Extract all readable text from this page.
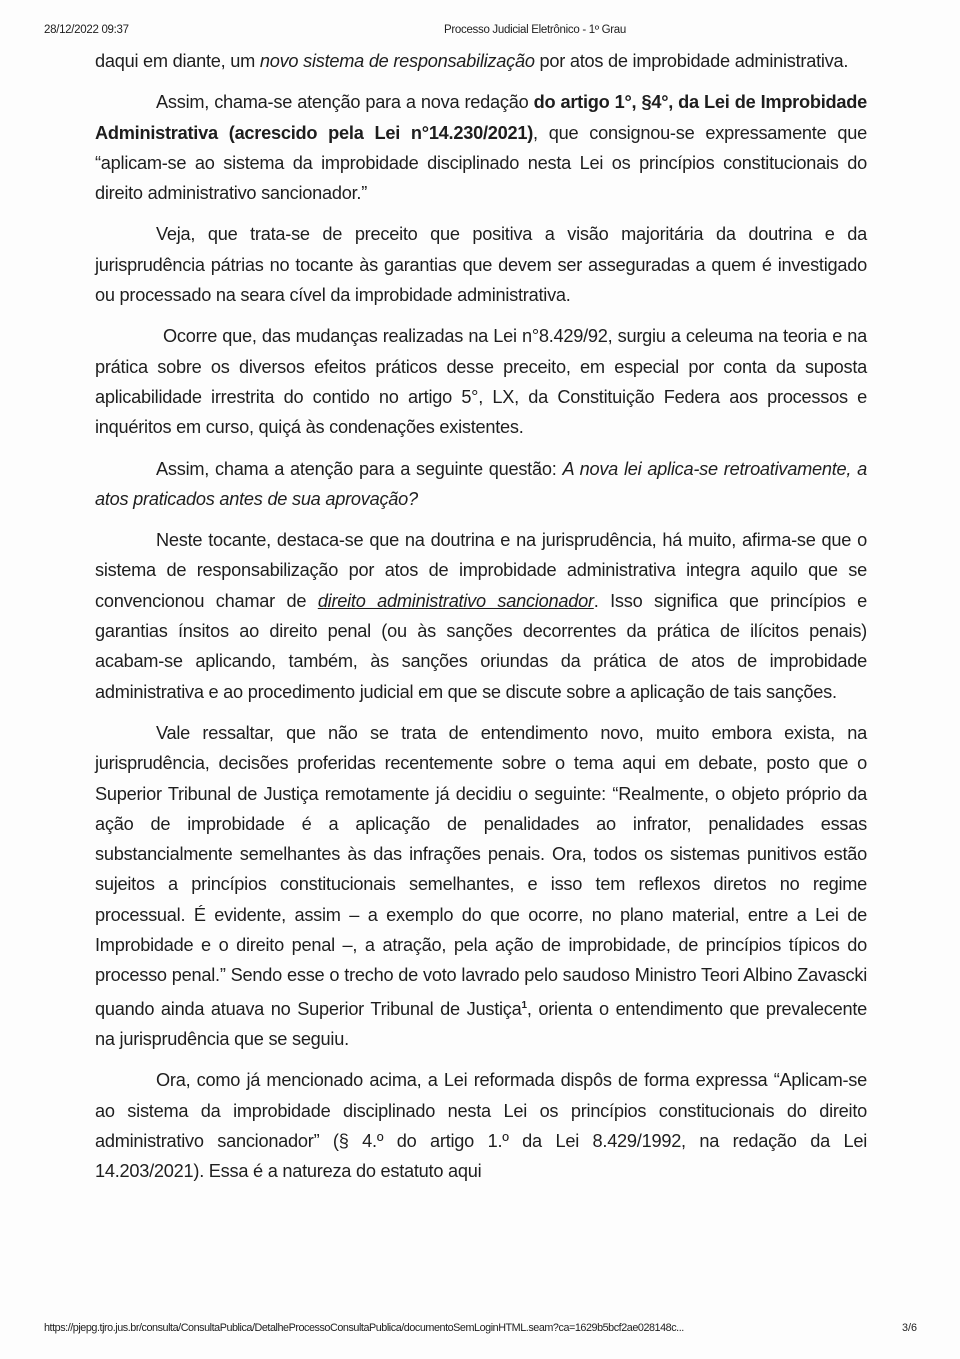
28/12/2022 09:37	Processo Judicial Eletrônico - 1º Grau

daqui em diante, um novo sistema de responsabilização por atos de improbidade administrativa.

Assim, chama-se atenção para a nova redação do artigo 1°, §4°, da Lei de Improbidade Administrativa (acrescido pela Lei n°14.230/2021), que consignou-se expressamente que “aplicam-se ao sistema da improbidade disciplinado nesta Lei os princípios constitucionais do direito administrativo sancionador.”

Veja, que trata-se de preceito que positiva a visão majoritária da doutrina e da jurisprudência pátrias no tocante às garantias que devem ser asseguradas a quem é investigado ou processado na seara cível da improbidade administrativa.

Ocorre que, das mudanças realizadas na Lei n°8.429/92, surgiu a celeuma na teoria e na prática sobre os diversos efeitos práticos desse preceito, em especial por conta da suposta aplicabilidade irrestrita do contido no artigo 5°, LX, da Constituição Federa aos processos e inquéritos em curso, quiçá às condenações existentes.

Assim, chama a atenção para a seguinte questão: A nova lei aplica-se retroativamente, a atos praticados antes de sua aprovação?

Neste tocante, destaca-se que na doutrina e na jurisprudência, há muito, afirma-se que o sistema de responsabilização por atos de improbidade administrativa integra aquilo que se convencionou chamar de direito administrativo sancionador. Isso significa que princípios e garantias ínsitos ao direito penal (ou às sanções decorrentes da prática de ilícitos penais) acabam-se aplicando, também, às sanções oriundas da prática de atos de improbidade administrativa e ao procedimento judicial em que se discute sobre a aplicação de tais sanções.

Vale ressaltar, que não se trata de entendimento novo, muito embora exista, na jurisprudência, decisões proferidas recentemente sobre o tema aqui em debate, posto que o Superior Tribunal de Justiça remotamente já decidiu o seguinte: “Realmente, o objeto próprio da ação de improbidade é a aplicação de penalidades ao infrator, penalidades essas substancialmente semelhantes às das infrações penais. Ora, todos os sistemas punitivos estão sujeitos a princípios constitucionais semelhantes, e isso tem reflexos diretos no regime processual. É evidente, assim – a exemplo do que ocorre, no plano material, entre a Lei de Improbidade e o direito penal –, a atração, pela ação de improbidade, de princípios típicos do processo penal.” Sendo esse o trecho de voto lavrado pelo saudoso Ministro Teori Albino Zavascki quando ainda atuava no Superior Tribunal de Justiça$^1$, orienta o entendimento que prevalecente na jurisprudência que se seguiu.

Ora, como já mencionado acima, a Lei reformada dispôs de forma expressa “Aplicam-se ao sistema da improbidade disciplinado nesta Lei os princípios constitucionais do direito administrativo sancionador” (§ 4.º do artigo 1.º da Lei 8.429/1992, na redação da Lei 14.203/2021). Essa é a natureza do estatuto aqui

https://pjepg.tjro.jus.br/consulta/ConsultaPublica/DetalheProcessoConsultaPublica/documentoSemLoginHTML.seam?ca=1629b5bcf2ae028148c...	3/6
